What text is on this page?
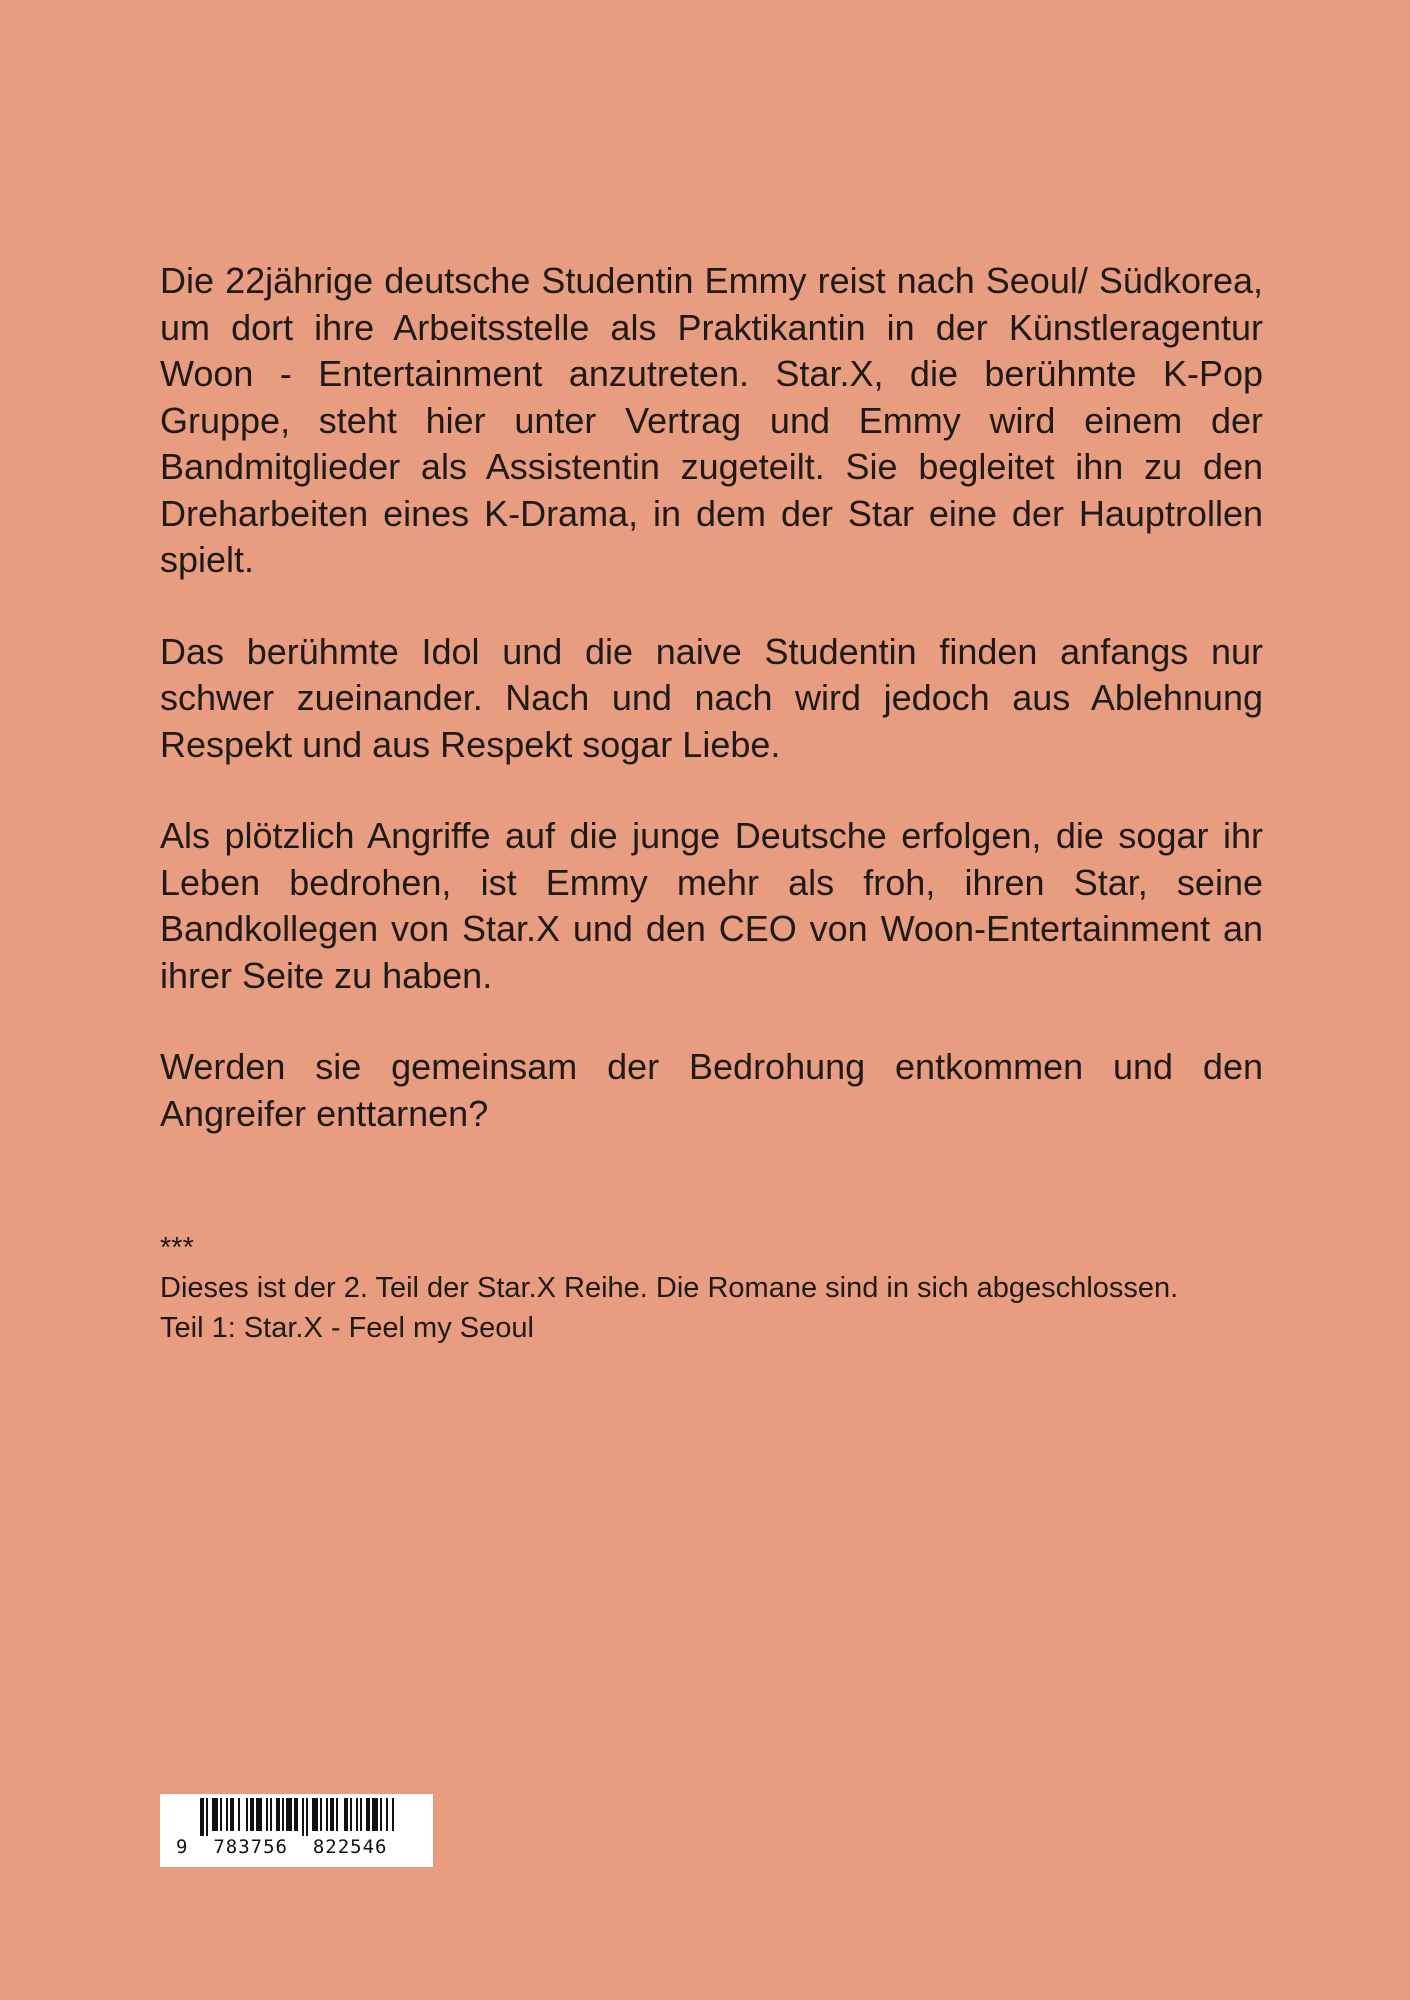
Die 22jährige deutsche Studentin Emmy reist nach Seoul/ Südkorea, um dort ihre Arbeitsstelle als Praktikantin in der Künstleragentur Woon - Entertainment anzutreten. Star.X, die berühmte K-Pop Gruppe, steht hier unter Vertrag und Emmy wird einem der Bandmitglieder als Assistentin zugeteilt. Sie begleitet ihn zu den Dreharbeiten eines K-Drama, in dem der Star eine der Hauptrollen spielt.

Das berühmte Idol und die naive Studentin finden anfangs nur schwer zueinander. Nach und nach wird jedoch aus Ablehnung Respekt und aus Respekt sogar Liebe.

Als plötzlich Angriffe auf die junge Deutsche erfolgen, die sogar ihr Leben bedrohen, ist Emmy mehr als froh, ihren Star, seine Bandkollegen von Star.X und den CEO von Woon-Entertainment an ihrer Seite zu haben.

Werden sie gemeinsam der Bedrohung entkommen und den Angreifer enttarnen?

***
Dieses ist der 2. Teil der Star.X Reihe. Die Romane sind in sich abgeschlossen.
Teil 1: Star.X - Feel my Seoul
9  783756  822546
